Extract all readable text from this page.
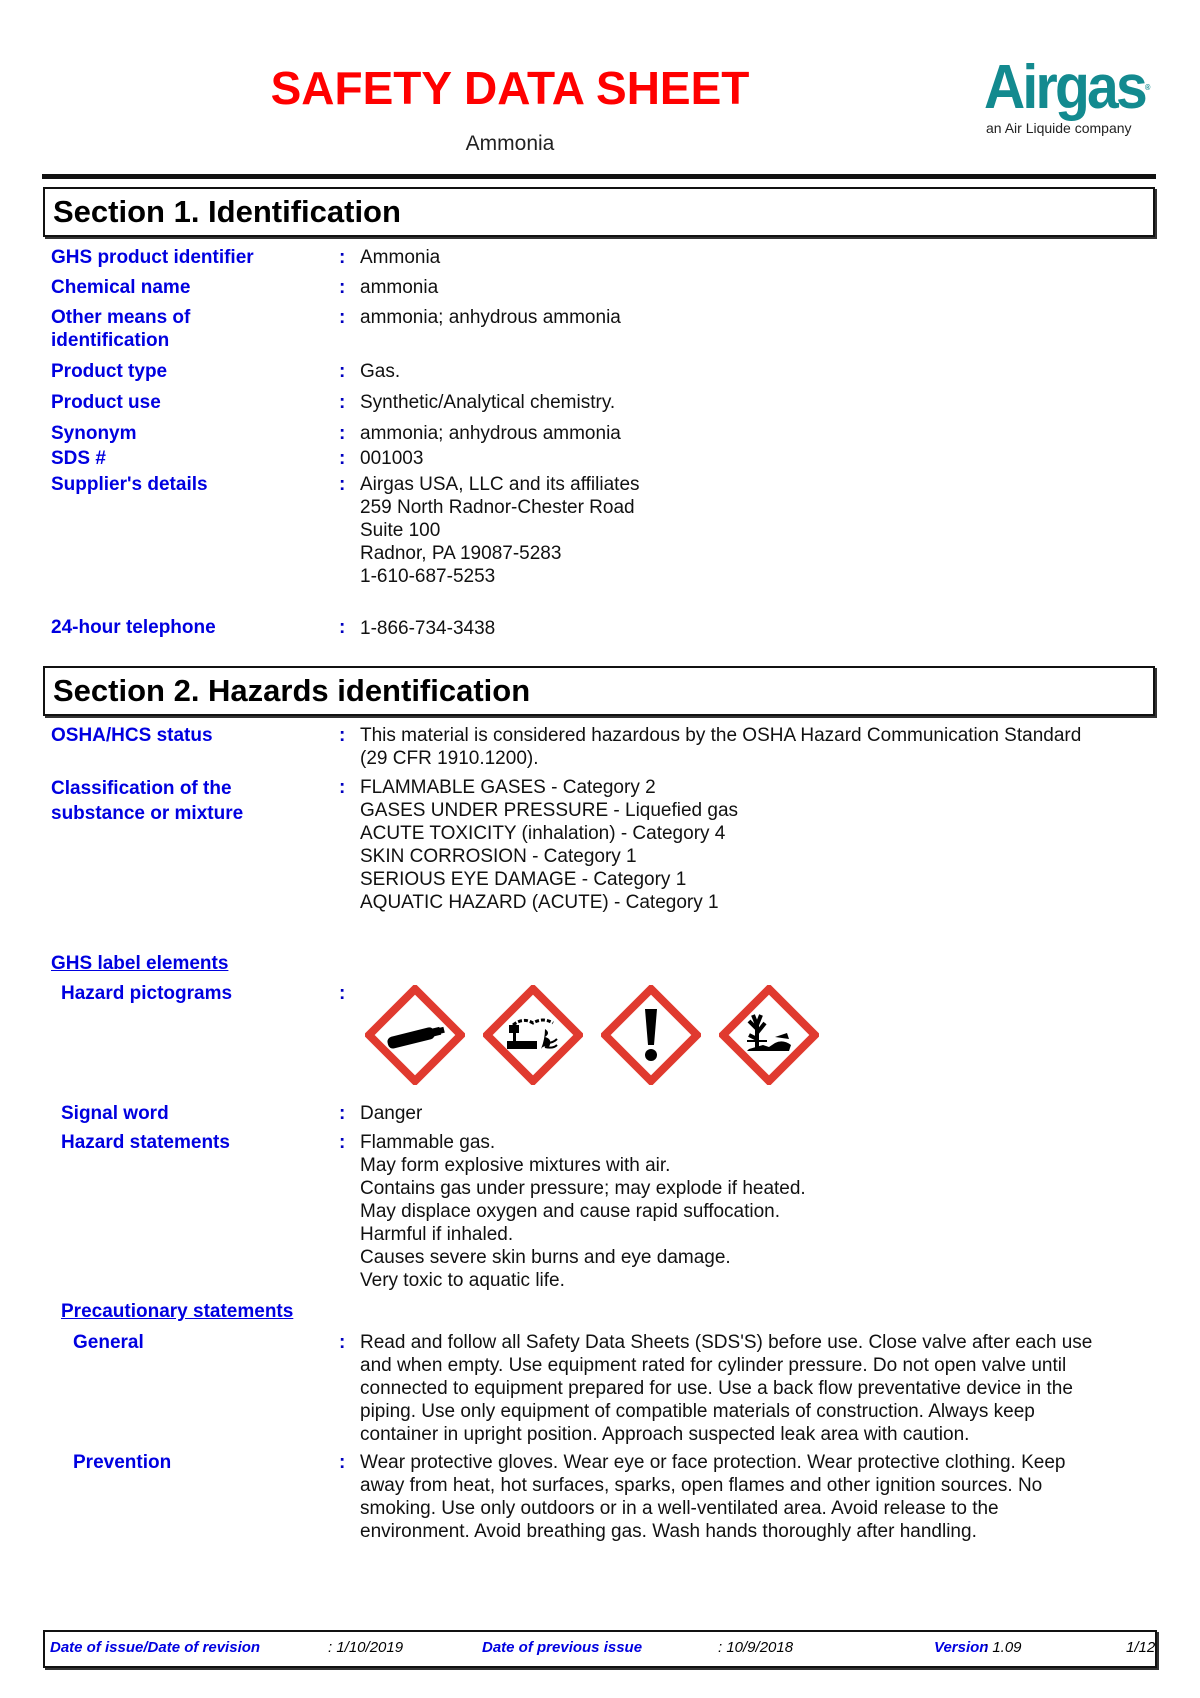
SAFETY DATA SHEET
Ammonia
Airgas®
an Air Liquide company
Section 1. Identification
GHS product identifier	: Ammonia
Chemical name	: ammonia
Other means of
identification
: ammonia; anhydrous ammonia
Product type	: Gas.
Product use	: Synthetic/Analytical chemistry.
Synonym	: ammonia; anhydrous ammonia
SDS #	: 001003
Supplier's details	: Airgas USA, LLC and its affiliates
259 North Radnor-Chester Road
Suite 100
Radnor, PA 19087-5283
1-610-687-5253
24-hour telephone	: 1-866-734-3438
Section 2. Hazards identification
OSHA/HCS status	: This material is considered hazardous by the OSHA Hazard Communication Standard
(29 CFR 1910.1200).
Classification of the
substance or mixture
: FLAMMABLE GASES - Category 2
GASES UNDER PRESSURE - Liquefied gas
ACUTE TOXICITY (inhalation) - Category 4
SKIN CORROSION - Category 1
SERIOUS EYE DAMAGE - Category 1
AQUATIC HAZARD (ACUTE) - Category 1
GHS label elements
Hazard pictograms	:
Signal word	: Danger
Hazard statements	: Flammable gas.
May form explosive mixtures with air.
Contains gas under pressure; may explode if heated.
May displace oxygen and cause rapid suffocation.
Harmful if inhaled.
Causes severe skin burns and eye damage.
Very toxic to aquatic life.
Precautionary statements
General	: Read and follow all Safety Data Sheets (SDS'S) before use. Close valve after each use
and when empty. Use equipment rated for cylinder pressure. Do not open valve until
connected to equipment prepared for use. Use a back flow preventative device in the
piping. Use only equipment of compatible materials of construction. Always keep
container in upright position. Approach suspected leak area with caution.
Prevention	: Wear protective gloves. Wear eye or face protection. Wear protective clothing. Keep
away from heat, hot surfaces, sparks, open flames and other ignition sources. No
smoking. Use only outdoors or in a well-ventilated area. Avoid release to the
environment. Avoid breathing gas. Wash hands thoroughly after handling.
Date of issue/Date of revision	: 1/10/2019	Date of previous issue	: 10/9/2018	Version
: 1.09	1/12
